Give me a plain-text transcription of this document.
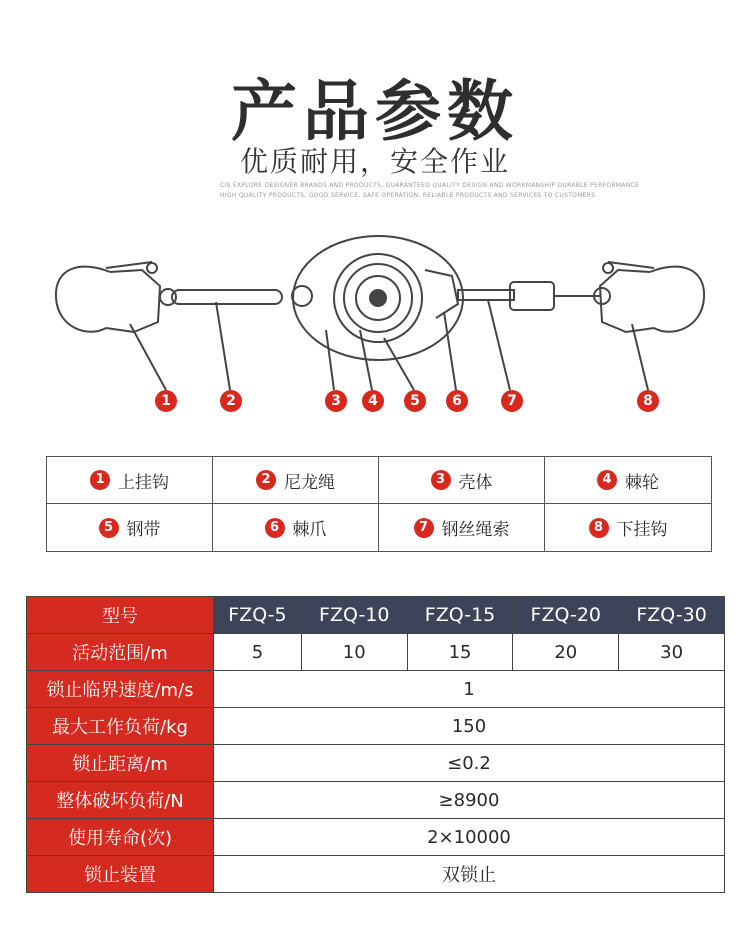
产品参数
优质耐用，安全作业
CIS EXPLORE DESIGNER BRANDS AND PRODUCTS, GUARANTEED QUALITY DESIGN AND WORKMANSHIP DURABLE PERFORMANCE
HIGH QUALITY PRODUCTS, GOOD SERVICE, SAFE OPERATION, RELIABLE PRODUCTS AND SERVICES TO CUSTOMERS
1	2	3	4	5	6	7	8
1 上挂钩	2 尼龙绳	3 壳体	4 棘轮
5 钢带	6 棘爪	7 钢丝绳索	8 下挂钩
型号	FZQ-5	FZQ-10	FZQ-15	FZQ-20	FZQ-30
活动范围/m	5	10	15	20	30
锁止临界速度/m/s	1				
最大工作负荷/kg	150				
锁止距离/m	≤0.2				
整体破坏负荷/N	≥8900				
使用寿命(次)	2×10000				
锁止装置	双锁止				
